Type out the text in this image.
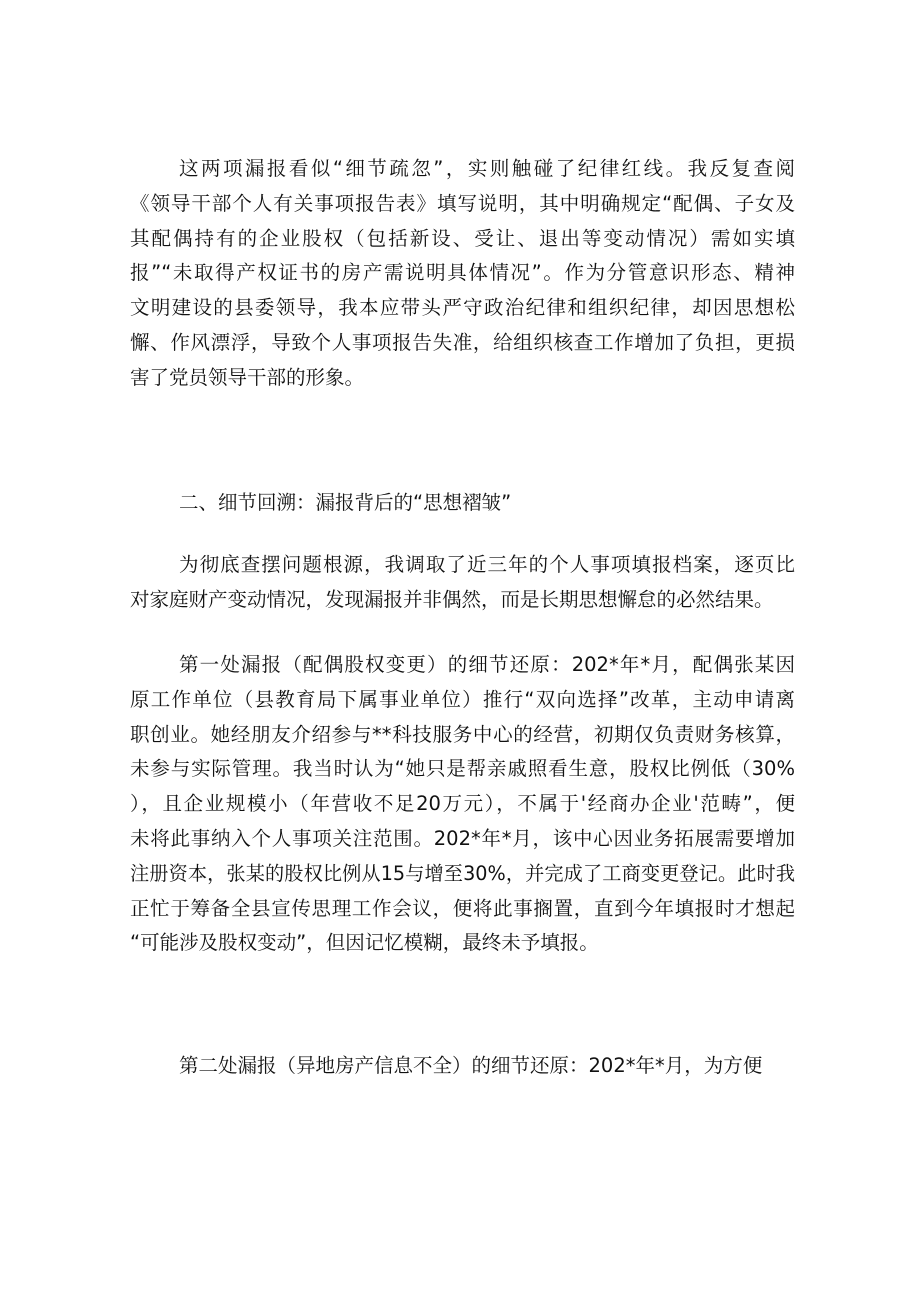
这两项漏报看似“细节疏忽”，实则触碰了纪律红线。我反复查阅
《领导干部个人有关事项报告表》填写说明，其中明确规定“配偶、子女及
其配偶持有的企业股权（包括新设、受让、退出等变动情况）需如实填
报”“未取得产权证书的房产需说明具体情况”。作为分管意识形态、精神
文明建设的县委领导，我本应带头严守政治纪律和组织纪律，却因思想松
懈、作风漂浮，导致个人事项报告失准，给组织核查工作增加了负担，更损
害了党员领导干部的形象。
二、细节回溯：漏报背后的“思想褶皱”
为彻底查摆问题根源，我调取了近三年的个人事项填报档案，逐页比
对家庭财产变动情况，发现漏报并非偶然，而是长期思想懈怠的必然结果。
第一处漏报（配偶股权变更）的细节还原：202*年*月，配偶张某因
原工作单位（县教育局下属事业单位）推行“双向选择”改革，主动申请离
职创业。她经朋友介绍参与**科技服务中心的经营，初期仅负责财务核算，
未参与实际管理。我当时认为“她只是帮亲戚照看生意，股权比例低（30%
），且企业规模小（年营收不足20万元），不属于'经商办企业'范畴”，便
未将此事纳入个人事项关注范围。202*年*月，该中心因业务拓展需要增加
注册资本，张某的股权比例从15与增至30%，并完成了工商变更登记。此时我
正忙于筹备全县宣传思理工作会议，便将此事搁置，直到今年填报时才想起
“可能涉及股权变动”，但因记忆模糊，最终未予填报。
第二处漏报（异地房产信息不全）的细节还原：202*年*月，为方便
